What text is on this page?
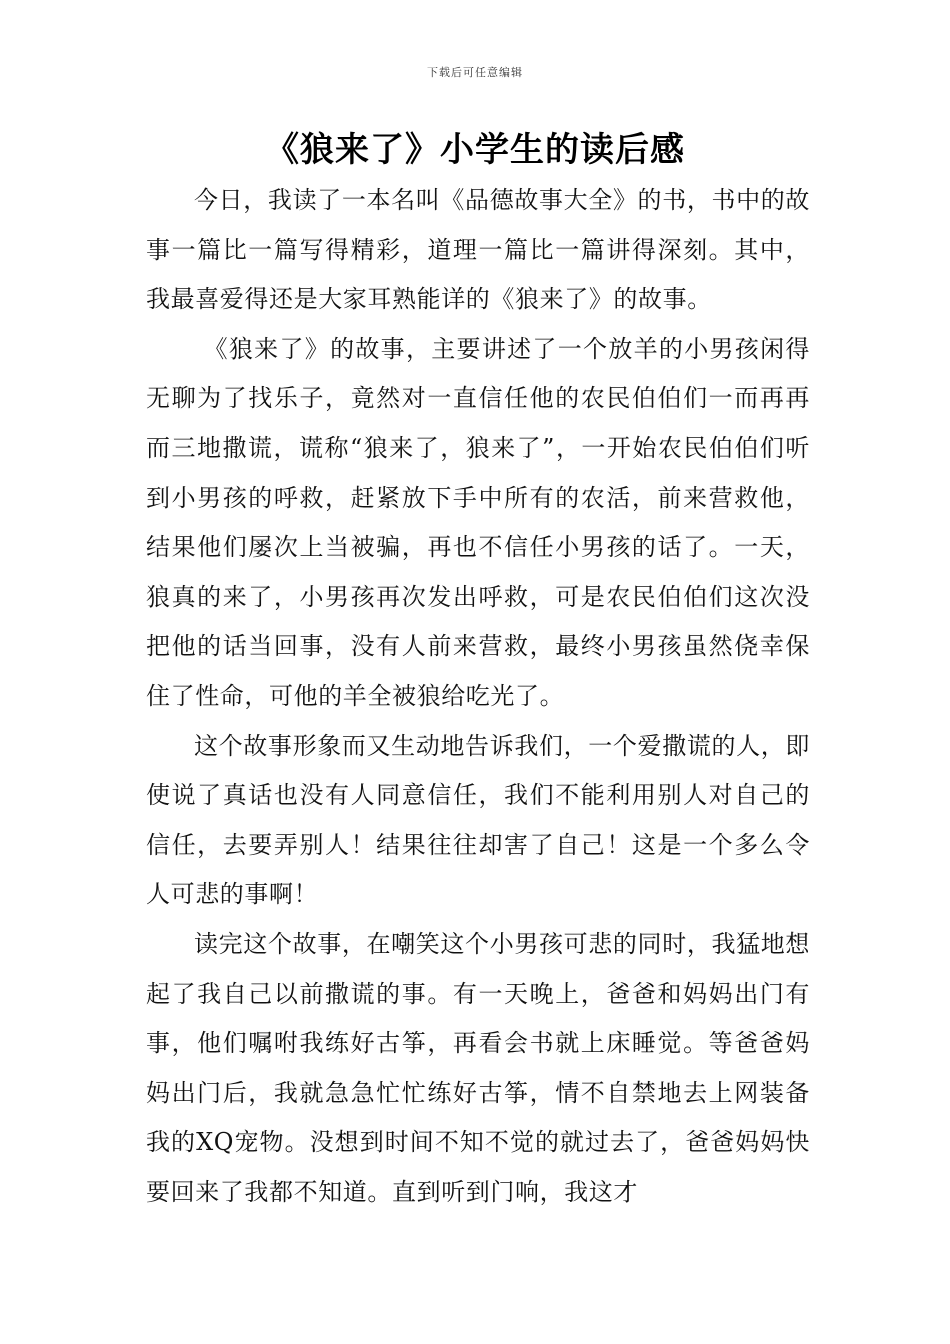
下载后可任意编辑
《狼来了》小学生的读后感

今日，我读了一本名叫《品德故事大全》的书，书中的故事一篇比一篇写得精彩，道理一篇比一篇讲得深刻。其中，我最喜爱得还是大家耳熟能详的《狼来了》的故事。

《狼来了》的故事，主要讲述了一个放羊的小男孩闲得无聊为了找乐子，竟然对一直信任他的农民伯伯们一而再再而三地撒谎，谎称“狼来了，狼来了”，一开始农民伯伯们听到小男孩的呼救，赶紧放下手中所有的农活，前来营救他，结果他们屡次上当被骗，再也不信任小男孩的话了。一天，狼真的来了，小男孩再次发出呼救，可是农民伯伯们这次没把他的话当回事，没有人前来营救，最终小男孩虽然侥幸保住了性命，可他的羊全被狼给吃光了。

这个故事形象而又生动地告诉我们，一个爱撒谎的人，即使说了真话也没有人同意信任，我们不能利用别人对自己的信任，去要弄别人！结果往往却害了自己！这是一个多么令人可悲的事啊！

读完这个故事，在嘲笑这个小男孩可悲的同时，我猛地想起了我自己以前撒谎的事。有一天晚上，爸爸和妈妈出门有事，他们嘱咐我练好古筝，再看会书就上床睡觉。等爸爸妈妈出门后，我就急急忙忙练好古筝，情不自禁地去上网装备我的XQ宠物。没想到时间不知不觉的就过去了，爸爸妈妈快要回来了我都不知道。直到听到门响，我这才
